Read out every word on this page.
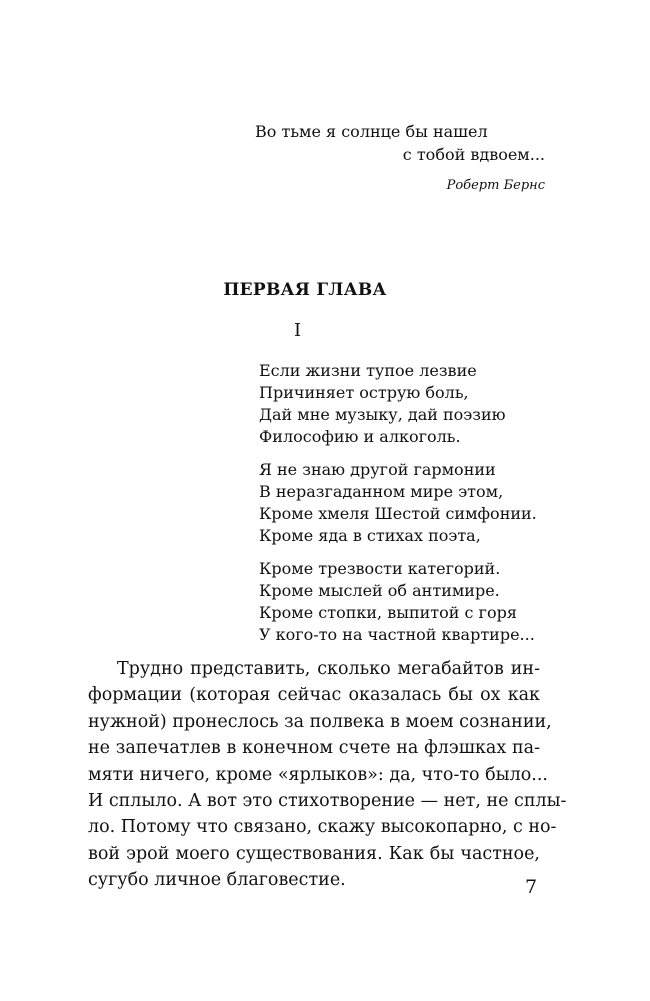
Во тьме я солнце бы нашел
с тобой вдвоем...
Роберт Бернс
ПЕРВАЯ ГЛАВА
I
Если жизни тупое лезвие
Причиняет острую боль,
Дай мне музыку, дай поэзию
Философию и алкоголь.
Я не знаю другой гармонии
В неразгаданном мире этом,
Кроме хмеля Шестой симфонии.
Кроме яда в стихах поэта,
Кроме трезвости категорий.
Кроме мыслей об антимире.
Кроме стопки, выпитой с горя
У кого-то на частной квартире...

Трудно представить, сколько мегабайтов ин-
формации (которая сейчас оказалась бы ох как
нужной) пронеслось за полвека в моем сознании,
не запечатлев в конечном счете на флэшках па-
мяти ничего, кроме «ярлыков»: да, что-то было...
И сплыло. А вот это стихотворение — нет, не сплы-
ло. Потому что связано, скажу высокопарно, с но-
вой эрой моего существования. Как бы частное,
сугубо личное благовестие.	7
